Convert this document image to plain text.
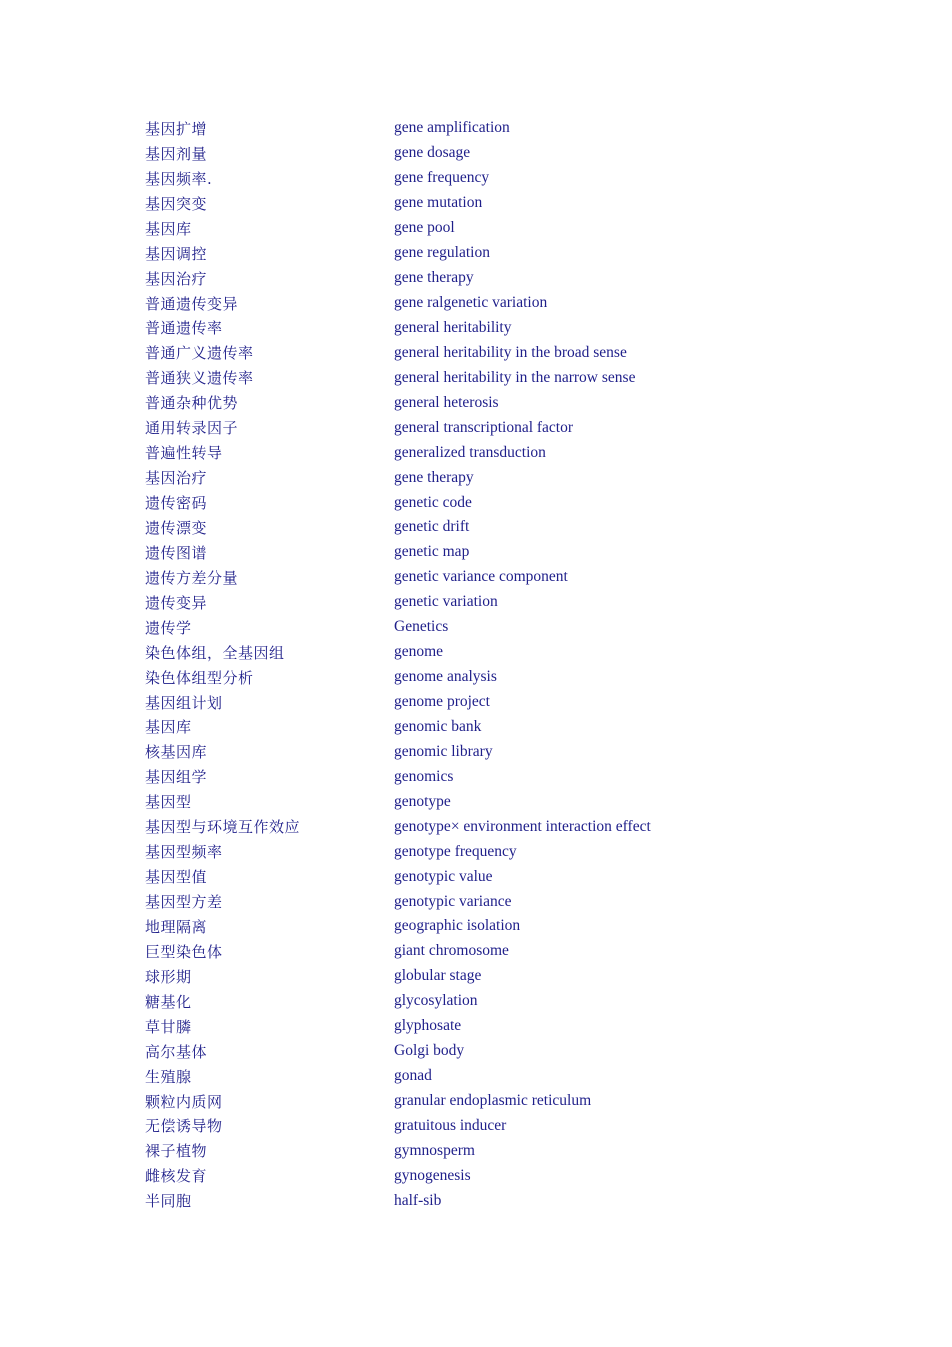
基因扩增	gene amplification
基因剂量	gene dosage
基因频率.	gene frequency
基因突变	gene mutation
基因库	gene pool
基因调控	gene regulation
基因治疗	gene therapy
普通遗传变异	gene ralgenetic variation
普通遗传率	general heritability
普通广义遗传率	general heritability in the broad sense
普通狭义遗传率	general heritability in the narrow sense
普通杂种优势	general heterosis
通用转录因子	general transcriptional factor
普遍性转导	generalized transduction
基因治疗	gene therapy
遗传密码	genetic code
遗传漂变	genetic drift
遗传图谱	genetic map
遗传方差分量	genetic variance component
遗传变异	genetic variation
遗传学	Genetics
染色体组，全基因组	genome
染色体组型分析	genome analysis
基因组计划	genome project
基因库	genomic bank
核基因库	genomic library
基因组学	genomics
基因型	genotype
基因型与环境互作效应	genotype× environment interaction effect
基因型频率	genotype frequency
基因型值	genotypic value
基因型方差	genotypic variance
地理隔离	geographic isolation
巨型染色体	giant chromosome
球形期	globular stage
糖基化	glycosylation
草甘膦	glyphosate
高尔基体	Golgi body
生殖腺	gonad
颗粒内质网	granular endoplasmic reticulum
无偿诱导物	gratuitous inducer
裸子植物	gymnosperm
雌核发育	gynogenesis
半同胞	half-sib
